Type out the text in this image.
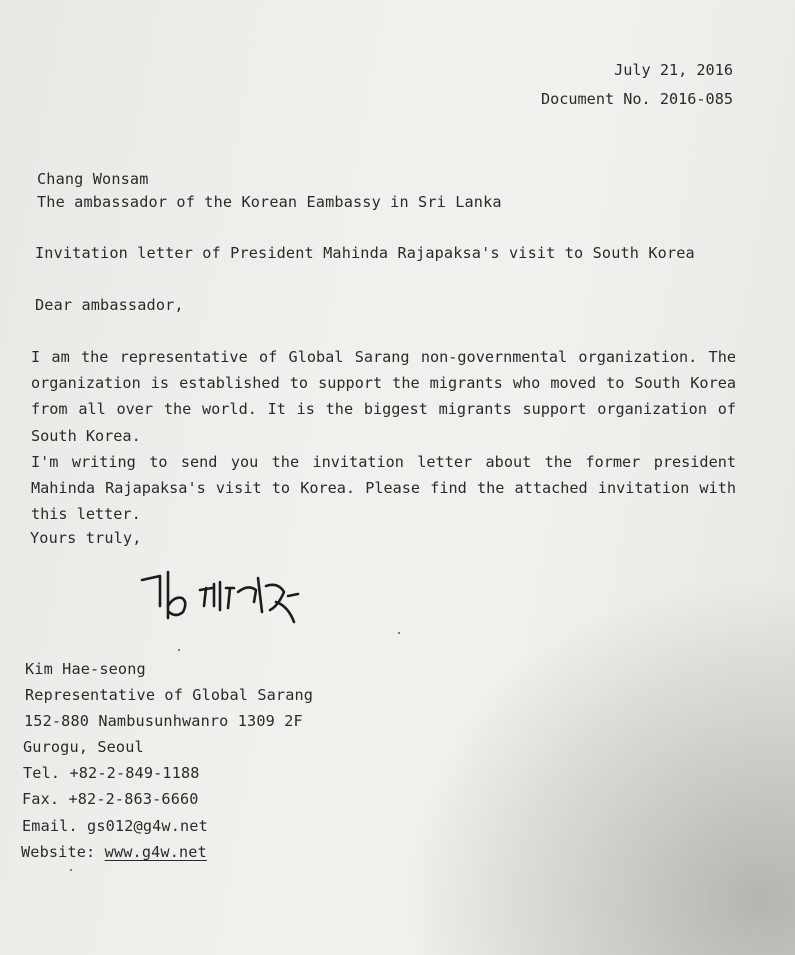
July 21, 2016
Document No. 2016-085
Chang Wonsam
The ambassador of the Korean Eambassy in Sri Lanka
Invitation letter of President Mahinda Rajapaksa's visit to South Korea
Dear ambassador,

I am the representative of Global Sarang non-governmental organization. The organization is established to support the migrants who moved to South Korea from all over the world. It is the biggest migrants support organization of South Korea.

I'm writing to send you the invitation letter about the former president Mahinda Rajapaksa's visit to Korea. Please find the attached invitation with this letter.

Yours truly,
Kim Hae-seong
Representative of Global Sarang
152-880 Nambusunhwanro 1309 2F
Gurogu, Seoul
Tel. +82-2-849-1188
Fax. +82-2-863-6660
Email. gs012@g4w.net
Website: www.g4w.net
